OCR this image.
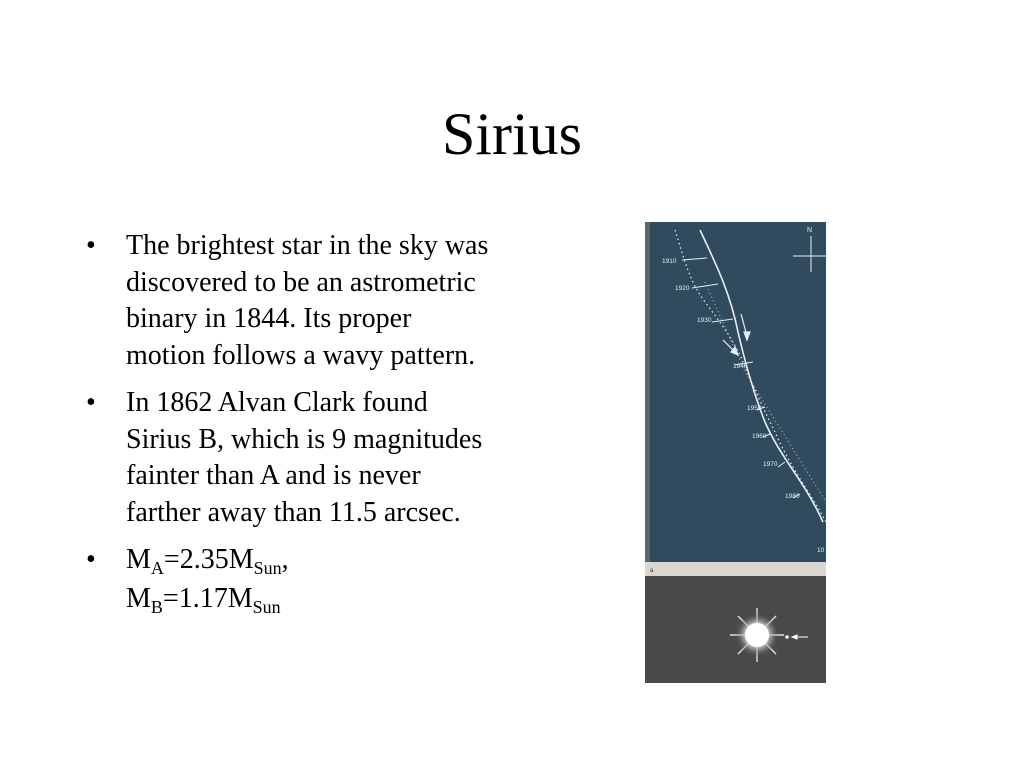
Sirius
• The brightest star in the sky was discovered to be an astrometric binary in 1844. Its proper motion follows a wavy pattern.
• In 1862 Alvan Clark found Sirius B, which is 9 magnitudes fainter than A and is never farther away than 11.5 arcsec.
• $M_A=2.35M_{Sun}$,
$M_B=1.17M_{Sun}$
N
1910
1920
1930
1940
1950
1960
1970
1980
10
a
